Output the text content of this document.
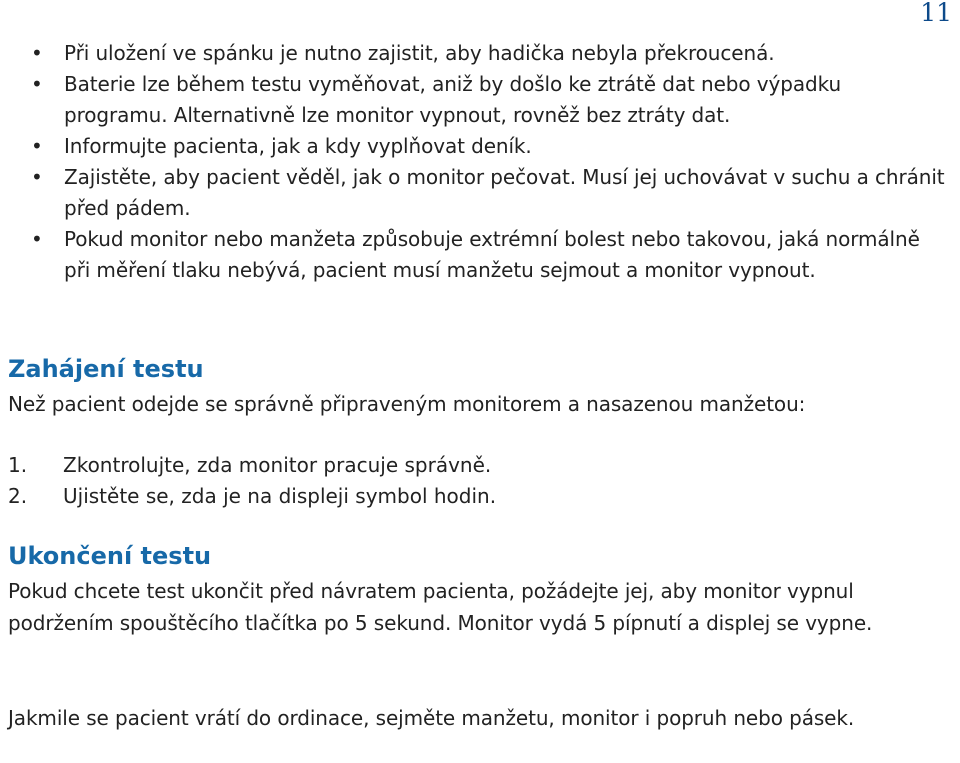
11
• Při uložení ve spánku je nutno zajistit, aby hadička nebyla překroucená.
• Baterie lze během testu vyměňovat, aniž by došlo ke ztrátě dat nebo výpadku programu. Alternativně lze monitor vypnout, rovněž bez ztráty dat.
• Informujte pacienta, jak a kdy vyplňovat deník.
• Zajistěte, aby pacient věděl, jak o monitor pečovat. Musí jej uchovávat v suchu a chránit před pádem.
• Pokud monitor nebo manžeta způsobuje extrémní bolest nebo takovou, jaká normálně při měření tlaku nebývá, pacient musí manžetu sejmout a monitor vypnout.
Zahájení testu

Než pacient odejde se správně připraveným monitorem a nasazenou manžetou:

1.	Zkontrolujte, zda monitor pracuje správně.
2.	Ujistěte se, zda je na displeji symbol hodin.
Ukončení testu

Pokud chcete test ukončit před návratem pacienta, požádejte jej, aby monitor vypnul podržením spouštěcího tlačítka po 5 sekund. Monitor vydá 5 pípnutí a displej se vypne.

Jakmile se pacient vrátí do ordinace, sejměte manžetu, monitor i popruh nebo pásek.
